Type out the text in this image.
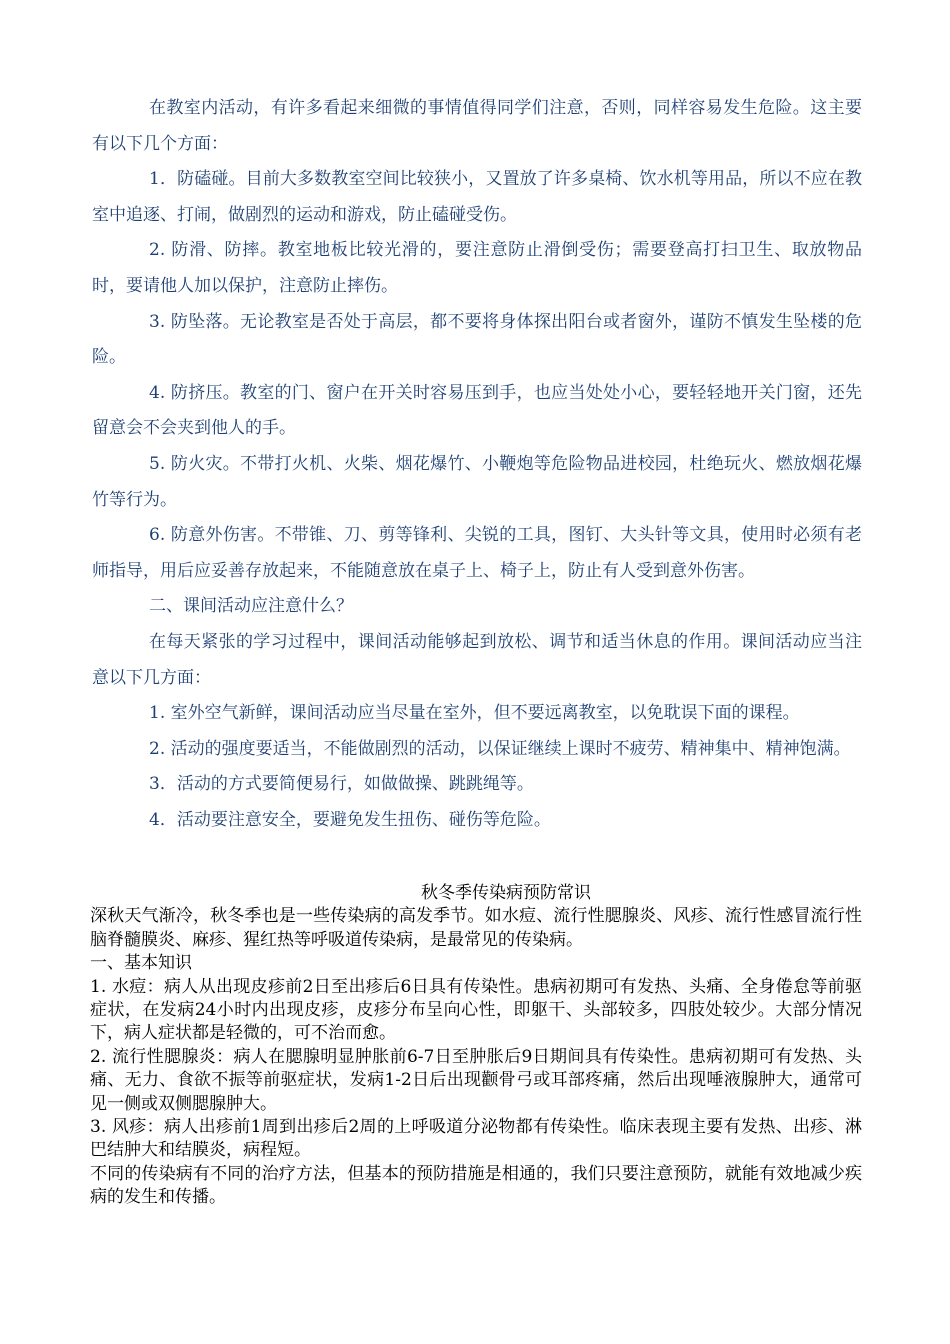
在教室内活动，有许多看起来细微的事情值得同学们注意，否则，同样容易发生危险。这主要有以下几个方面：

1．防磕碰。目前大多数教室空间比较狭小，又置放了许多桌椅、饮水机等用品，所以不应在教室中追逐、打闹，做剧烈的运动和游戏，防止磕碰受伤。

2. 防滑、防摔。教室地板比较光滑的，要注意防止滑倒受伤；需要登高打扫卫生、取放物品时，要请他人加以保护，注意防止摔伤。

3. 防坠落。无论教室是否处于高层，都不要将身体探出阳台或者窗外，谨防不慎发生坠楼的危险。

4. 防挤压。教室的门、窗户在开关时容易压到手，也应当处处小心，要轻轻地开关门窗，还先留意会不会夹到他人的手。

5. 防火灾。不带打火机、火柴、烟花爆竹、小鞭炮等危险物品进校园，杜绝玩火、燃放烟花爆竹等行为。

6. 防意外伤害。不带锥、刀、剪等锋利、尖锐的工具，图钉、大头针等文具，使用时必须有老师指导，用后应妥善存放起来，不能随意放在桌子上、椅子上，防止有人受到意外伤害。

二、课间活动应注意什么？

在每天紧张的学习过程中，课间活动能够起到放松、调节和适当休息的作用。课间活动应当注意以下几方面：

1. 室外空气新鲜，课间活动应当尽量在室外，但不要远离教室，以免耽误下面的课程。

2. 活动的强度要适当，不能做剧烈的活动，以保证继续上课时不疲劳、精神集中、精神饱满。

3．活动的方式要简便易行，如做做操、跳跳绳等。

4．活动要注意安全，要避免发生扭伤、碰伤等危险。

秋冬季传染病预防常识

深秋天气渐冷，秋冬季也是一些传染病的高发季节。如水痘、流行性腮腺炎、风疹、流行性感冒流行性脑脊髓膜炎、麻疹、猩红热等呼吸道传染病，是最常见的传染病。

一、基本知识

1. 水痘：病人从出现皮疹前2日至出疹后6日具有传染性。患病初期可有发热、头痛、全身倦怠等前驱症状，在发病24小时内出现皮疹，皮疹分布呈向心性，即躯干、头部较多，四肢处较少。大部分情况下，病人症状都是轻微的，可不治而愈。

2. 流行性腮腺炎：病人在腮腺明显肿胀前6-7日至肿胀后9日期间具有传染性。患病初期可有发热、头痛、无力、食欲不振等前驱症状，发病1-2日后出现颧骨弓或耳部疼痛，然后出现唾液腺肿大，通常可见一侧或双侧腮腺肿大。

3. 风疹：病人出疹前1周到出疹后2周的上呼吸道分泌物都有传染性。临床表现主要有发热、出疹、淋巴结肿大和结膜炎，病程短。

不同的传染病有不同的治疗方法，但基本的预防措施是相通的，我们只要注意预防，就能有效地减少疾病的发生和传播。
